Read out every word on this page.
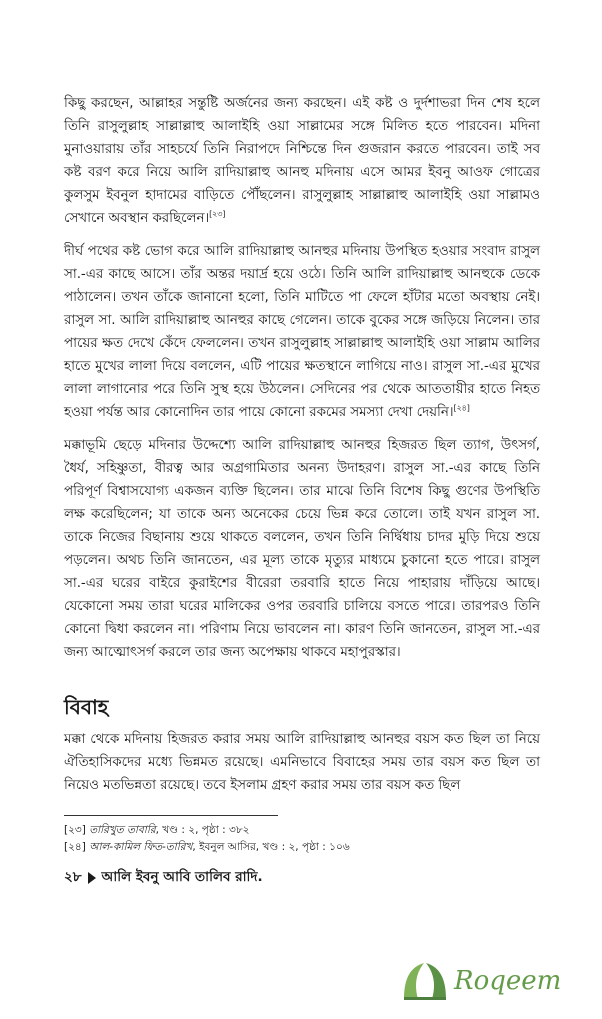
কিছু করছেন, আল্লাহর সন্তুষ্টি অর্জনের জন্য করছেন। এই কষ্ট ও দুর্দশাভরা দিন শেষ হলে তিনি রাসুলুল্লাহ সাল্লাল্লাহু আলাইহি ওয়া সাল্লামের সঙ্গে মিলিত হতে পারবেন। মদিনা মুনাওয়ারায় তাঁর সাহচর্যে তিনি নিরাপদে নিশ্চিন্তে দিন গুজরান করতে পারবেন। তাই সব কষ্ট বরণ করে নিয়ে আলি রাদিয়াল্লাহু আনহু মদিনায় এসে আমর ইবনু আওফ গোত্রের কুলসুম ইবনুল হাদামের বাড়িতে পৌঁছলেন। রাসুলুল্লাহ সাল্লাল্লাহু আলাইহি ওয়া সাল্লামও সেখানে অবস্থান করছিলেন।[২৩]

দীর্ঘ পথের কষ্ট ভোগ করে আলি রাদিয়াল্লাহু আনহুর মদিনায় উপস্থিত হওয়ার সংবাদ রাসুল সা.-এর কাছে আসে। তাঁর অন্তর দয়ার্দ্র হয়ে ওঠে। তিনি আলি রাদিয়াল্লাহু আনহুকে ডেকে পাঠালেন। তখন তাঁকে জানানো হলো, তিনি মাটিতে পা ফেলে হাঁটার মতো অবস্থায় নেই। রাসুল সা. আলি রাদিয়াল্লাহু আনহুর কাছে গেলেন। তাকে বুকের সঙ্গে জড়িয়ে নিলেন। তার পায়ের ক্ষত দেখে কেঁদে ফেললেন। তখন রাসুলুল্লাহ সাল্লাল্লাহু আলাইহি ওয়া সাল্লাম আলির হাতে মুখের লালা দিয়ে বললেন, এটি পায়ের ক্ষতস্থানে লাগিয়ে নাও। রাসুল সা.-এর মুখের লালা লাগানোর পরে তিনি সুস্থ হয়ে উঠলেন। সেদিনের পর থেকে আততায়ীর হাতে নিহত হওয়া পর্যন্ত আর কোনোদিন তার পায়ে কোনো রকমের সমস্যা দেখা দেয়নি।[২৪]

মক্কাভূমি ছেড়ে মদিনার উদ্দেশ্যে আলি রাদিয়াল্লাহু আনহুর হিজরত ছিল ত্যাগ, উৎসর্গ, ধৈর্য, সহিষ্ণুতা, বীরত্ব আর অগ্রগামিতার অনন্য উদাহরণ। রাসুল সা.-এর কাছে তিনি পরিপূর্ণ বিশ্বাসযোগ্য একজন ব্যক্তি ছিলেন। তার মাঝে তিনি বিশেষ কিছু গুণের উপস্থিতি লক্ষ করেছিলেন; যা তাকে অন্য অনেকের চেয়ে ভিন্ন করে তোলে। তাই যখন রাসুল সা. তাকে নিজের বিছানায় শুয়ে থাকতে বললেন, তখন তিনি নির্দ্বিধায় চাদর মুড়ি দিয়ে শুয়ে পড়লেন। অথচ তিনি জানতেন, এর মূল্য তাকে মৃত্যুর মাধ্যমে চুকানো হতে পারে। রাসুল সা.-এর ঘরের বাইরে কুরাইশের বীরেরা তরবারি হাতে নিয়ে পাহারায় দাঁড়িয়ে আছে। যেকোনো সময় তারা ঘরের মালিকের ওপর তরবারি চালিয়ে বসতে পারে। তারপরও তিনি কোনো দ্বিধা করলেন না। পরিণাম নিয়ে ভাবলেন না। কারণ তিনি জানতেন, রাসুল সা.-এর জন্য আত্মোৎসর্গ করলে তার জন্য অপেক্ষায় থাকবে মহাপুরস্কার।

বিবাহ

মক্কা থেকে মদিনায় হিজরত করার সময় আলি রাদিয়াল্লাহু আনহুর বয়স কত ছিল তা নিয়ে ঐতিহাসিকদের মধ্যে ভিন্নমত রয়েছে। এমনিভাবে বিবাহের সময় তার বয়স কত ছিল তা নিয়েও মতভিন্নতা রয়েছে। তবে ইসলাম গ্রহণ করার সময় তার বয়স কত ছিল

[২৩] তারিখুত তাবারি, খণ্ড : ২, পৃষ্ঠা : ৩৮২

[২৪] আল-কামিল ফিত-তারিখ, ইবনুল আসির, খণ্ড : ২, পৃষ্ঠা : ১০৬

২৮ আলি ইবনু আবি তালিব রাদি.
Roqeem
